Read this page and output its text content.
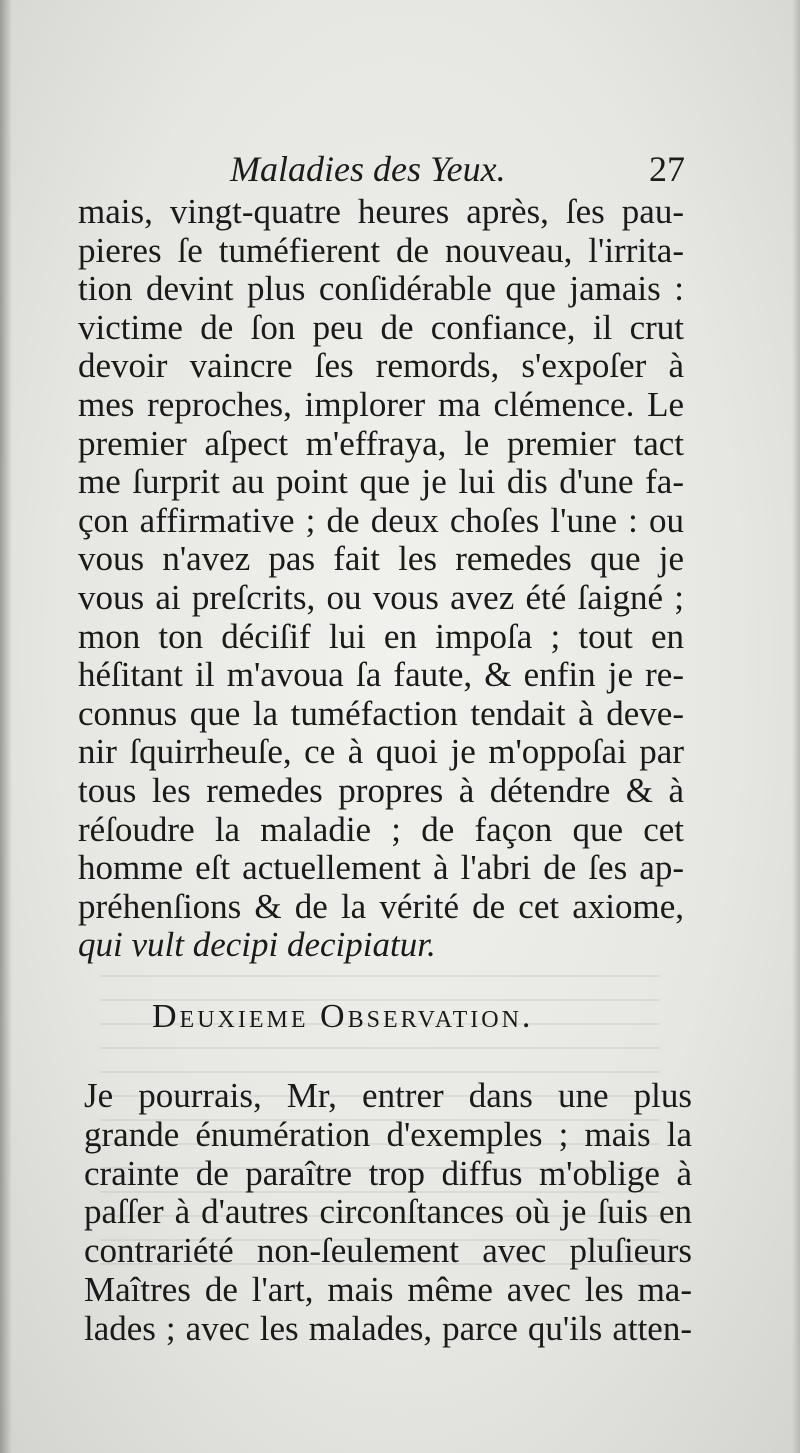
Maladies des Yeux.	27
mais, vingt-quatre heures après, ſes pau-
pieres ſe tuméfierent de nouveau, l'irrita-
tion devint plus conſidérable que jamais :
victime de ſon peu de confiance, il crut
devoir vaincre ſes remords, s'expoſer à
mes reproches, implorer ma clémence. Le
premier aſpect m'effraya, le premier tact
me ſurprit au point que je lui dis d'une fa-
çon affirmative ; de deux choſes l'une : ou
vous n'avez pas fait les remedes que je
vous ai preſcrits, ou vous avez été ſaigné ;
mon ton déciſif lui en impoſa ; tout en
héſitant il m'avoua ſa faute, & enfin je re-
connus que la tuméfaction tendait à deve-
nir ſquirrheuſe, ce à quoi je m'oppoſai par
tous les remedes propres à détendre & à
réſoudre la maladie ; de façon que cet
homme eſt actuellement à l'abri de ſes ap-
préhenſions & de la vérité de cet axiome,
qui vult decipi decipiatur.
Deuxieme Observation.
Je pourrais, Mr, entrer dans une plus
grande énumération d'exemples ; mais la
crainte de paraître trop diffus m'oblige à
paſſer à d'autres circonſtances où je ſuis en
contrariété non-ſeulement avec pluſieurs
Maîtres de l'art, mais même avec les ma-
lades ; avec les malades, parce qu'ils atten-
